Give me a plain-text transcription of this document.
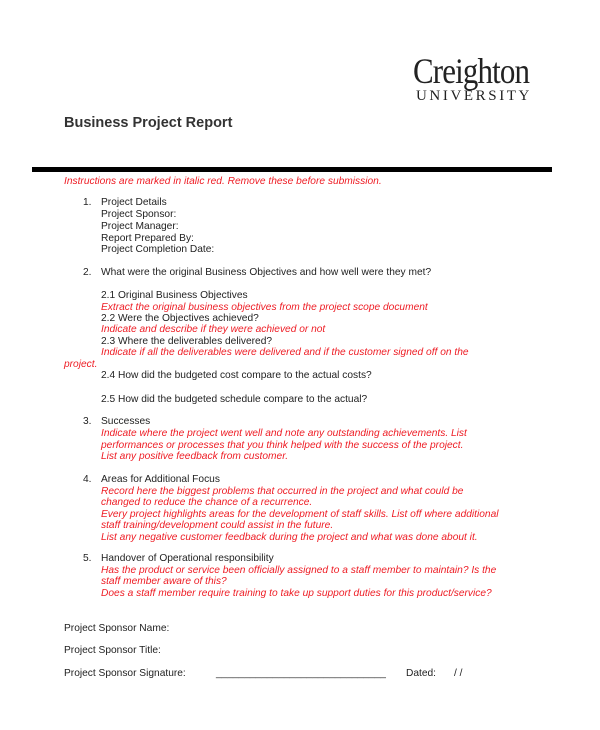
Creighton
UNIVERSITY
Business Project Report
Instructions are marked in italic red. Remove these before submission.
1. Project Details
Project Sponsor:
Project Manager:
Report Prepared By:
Project Completion Date:
2. What were the original Business Objectives and how well were they met?
2.1 Original Business Objectives
Extract the original business objectives from the project scope document
2.2 Were the Objectives achieved?
Indicate and describe if they were achieved or not
2.3 Where the deliverables delivered?
Indicate if all the deliverables were delivered and if the customer signed off on the
project.
2.4 How did the budgeted cost compare to the actual costs?
2.5 How did the budgeted schedule compare to the actual?
3. Successes
Indicate where the project went well and note any outstanding achievements. List
performances or processes that you think helped with the success of the project.
List any positive feedback from customer.
4. Areas for Additional Focus
Record here the biggest problems that occurred in the project and what could be
changed to reduce the chance of a recurrence.
Every project highlights areas for the development of staff skills. List off where additional
staff training/development could assist in the future.
List any negative customer feedback during the project and what was done about it.
5. Handover of Operational responsibility
Has the product or service been officially assigned to a staff member to maintain? Is the
staff member aware of this?
Does a staff member require training to take up support duties for this product/service?
Project Sponsor Name:
Project Sponsor Title:
Project Sponsor Signature:	______________________________ Dated: / /
